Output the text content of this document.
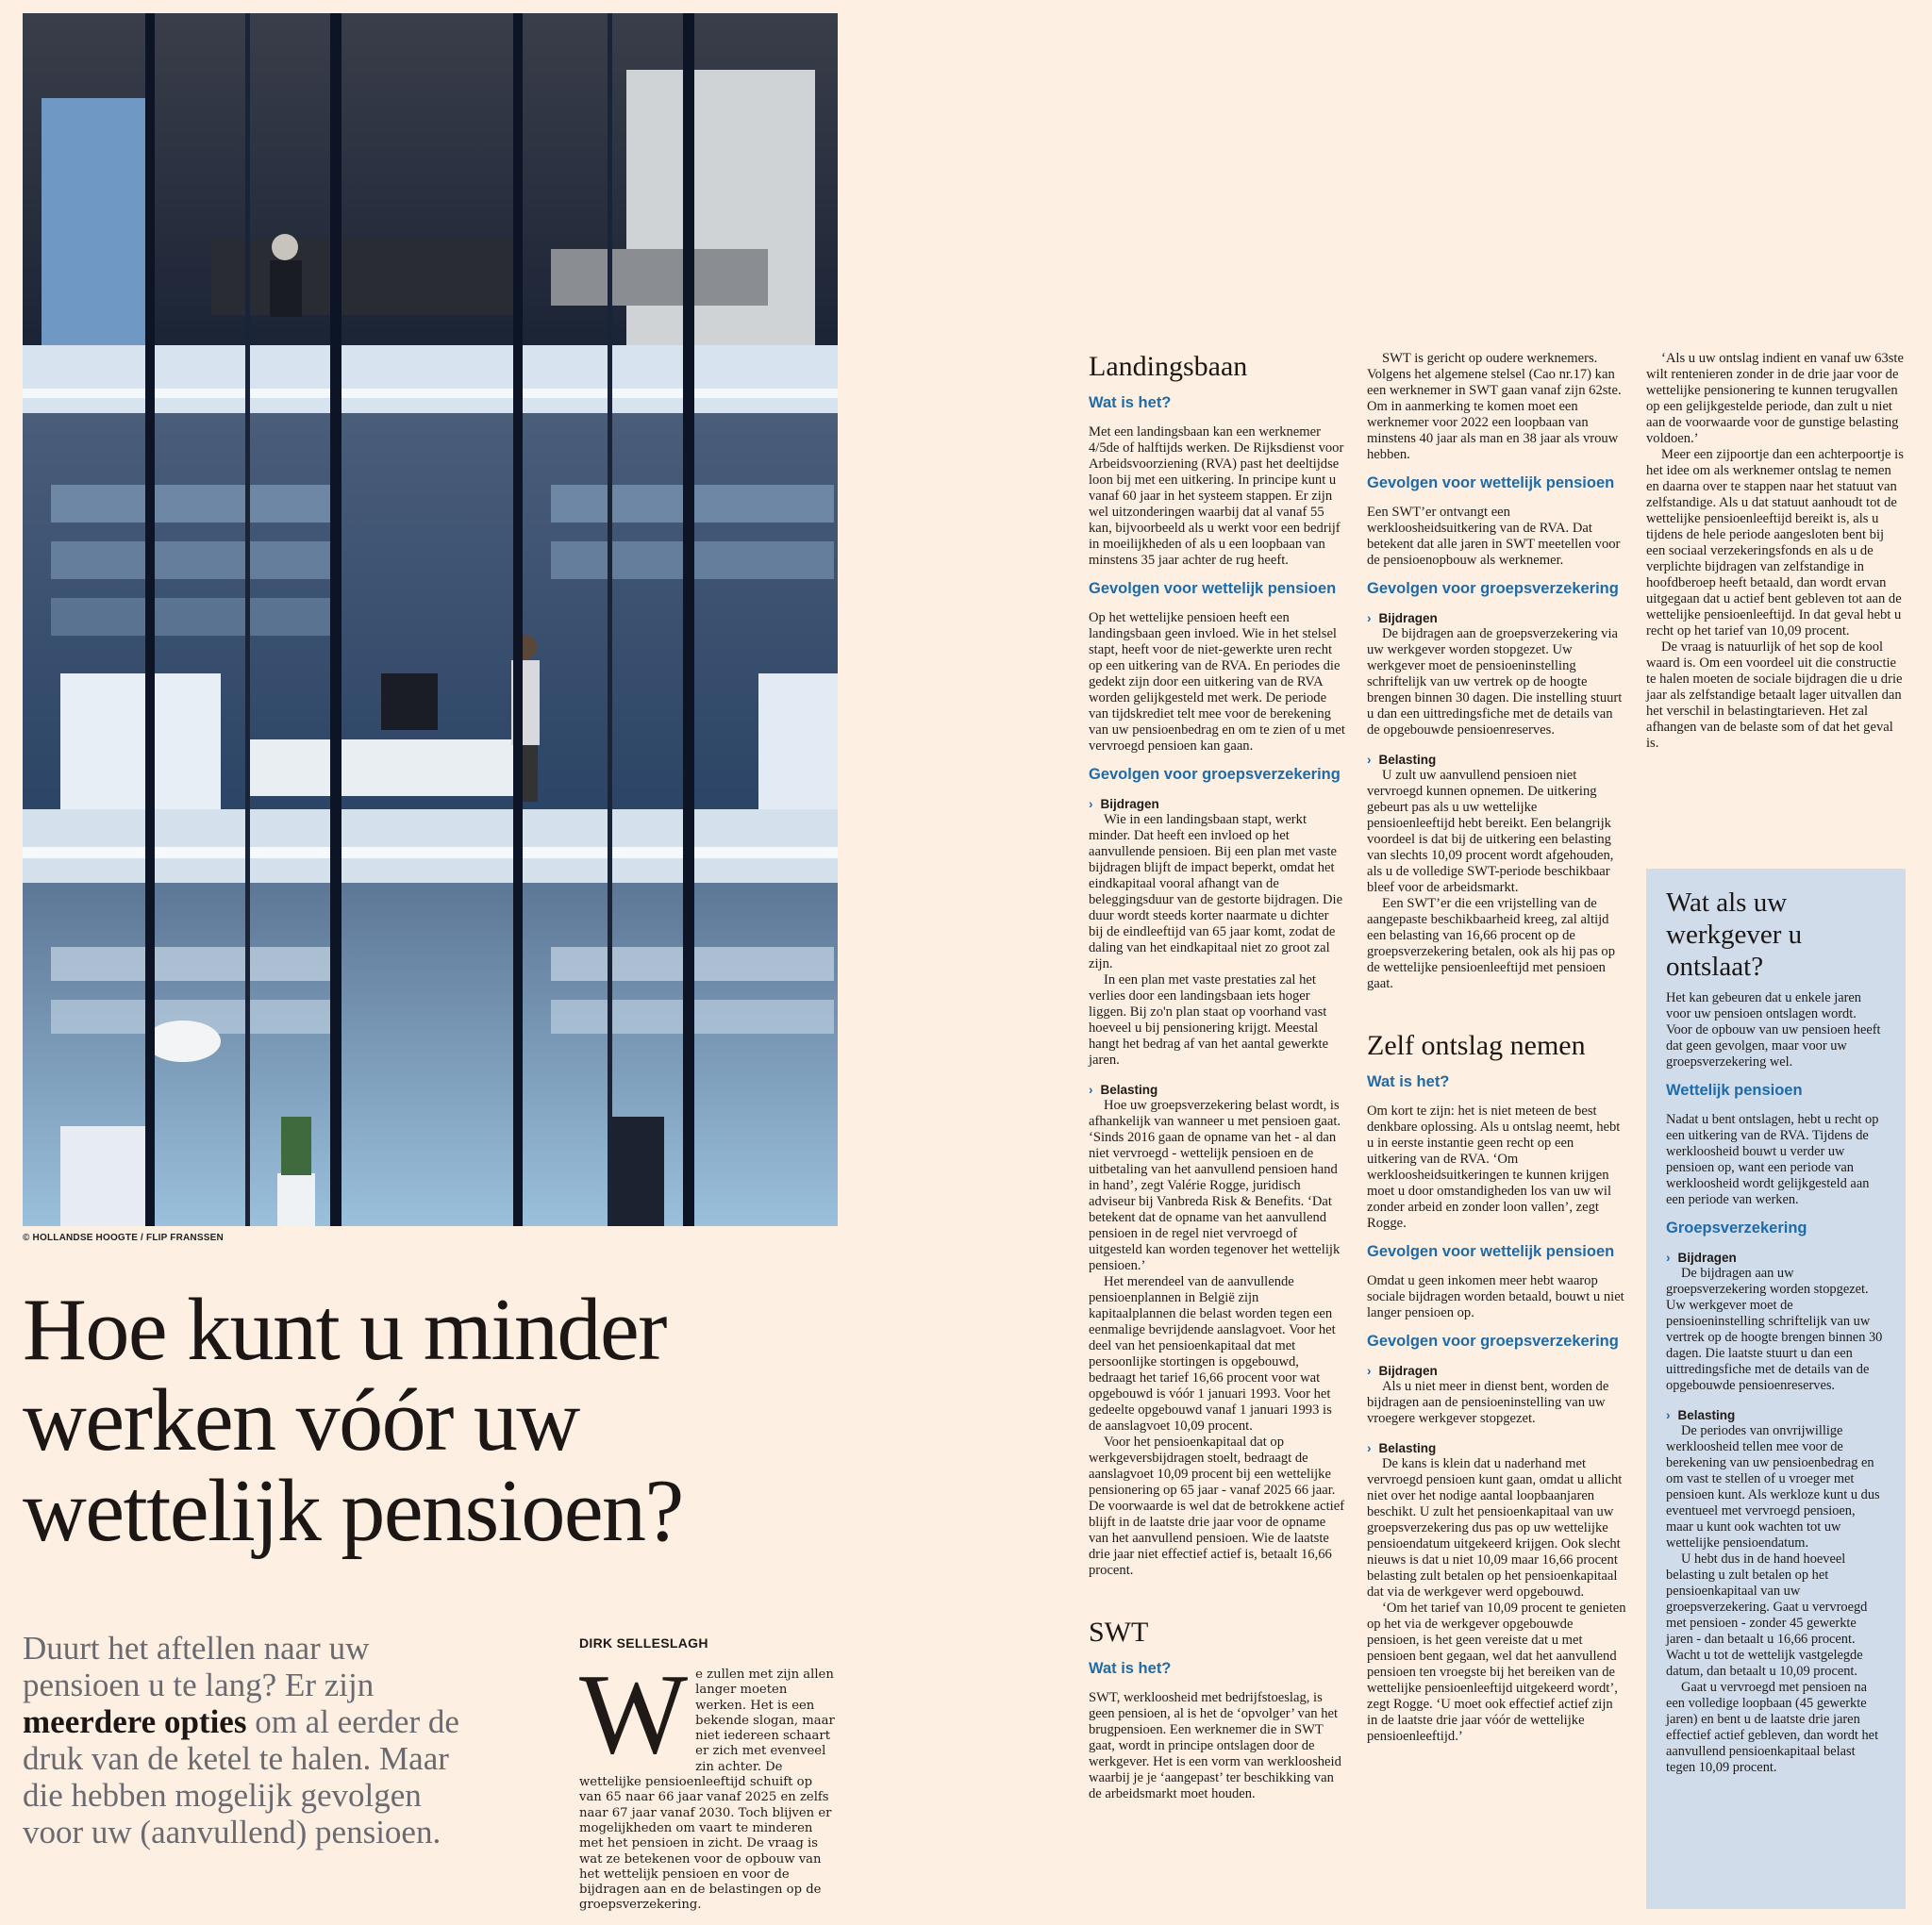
© HOLLANDSE HOOGTE / FLIP FRANSSEN
Hoe kunt u minder werken vóór uw wettelijk pensioen?
Duurt het aftellen naar uw pensioen u te lang? Er zijn meerdere opties om al eerder de druk van de ketel te halen. Maar die hebben mogelijk gevolgen voor uw (aanvullend) pensioen.
DIRK SELLESLAGH
We zullen met zijn allen langer moeten werken. Het is een bekende slogan, maar niet iedereen schaart er zich met evenveel zin achter. De wettelijke pensioenleeftijd schuift op van 65 naar 66 jaar vanaf 2025 en zelfs naar 67 jaar vanaf 2030. Toch blijven er mogelijkheden om vaart te minderen met het pensioen in zicht. De vraag is wat ze betekenen voor de opbouw van het wettelijk pensioen en voor de bijdragen aan en de belastingen op de groepsverzekering.
Landingsbaan
Wat is het?

Met een landingsbaan kan een werknemer 4/5de of halftijds werken. De Rijksdienst voor Arbeidsvoorziening (RVA) past het deeltijdse loon bij met een uitkering. In principe kunt u vanaf 60 jaar in het systeem stappen. Er zijn wel uitzonderingen waarbij dat al vanaf 55 kan, bijvoorbeeld als u werkt voor een bedrijf in moeilijkheden of als u een loopbaan van minstens 35 jaar achter de rug heeft.

Gevolgen voor wettelijk pensioen

Op het wettelijke pensioen heeft een landingsbaan geen invloed. Wie in het stelsel stapt, heeft voor de niet-gewerkte uren recht op een uitkering van de RVA. En periodes die gedekt zijn door een uitkering van de RVA worden gelijkgesteld met werk. De periode van tijdskrediet telt mee voor de berekening van uw pensioenbedrag en om te zien of u met vervroegd pensioen kan gaan.

Gevolgen voor groepsverzekering
› Bijdragen

Wie in een landingsbaan stapt, werkt minder. Dat heeft een invloed op het aanvullende pensioen. Bij een plan met vaste bijdragen blijft de impact beperkt, omdat het eindkapitaal vooral afhangt van de beleggingsduur van de gestorte bijdragen. Die duur wordt steeds korter naarmate u dichter bij de eindleeftijd van 65 jaar komt, zodat de daling van het eindkapitaal niet zo groot zal zijn.

In een plan met vaste prestaties zal het verlies door een landingsbaan iets hoger liggen. Bij zo'n plan staat op voorhand vast hoeveel u bij pensionering krijgt. Meestal hangt het bedrag af van het aantal gewerkte jaren.

› Belasting

Hoe uw groepsverzekering belast wordt, is afhankelijk van wanneer u met pensioen gaat. ‘Sinds 2016 gaan de opname van het - al dan niet vervroegd - wettelijk pensioen en de uitbetaling van het aanvullend pensioen hand in hand’, zegt Valérie Rogge, juridisch adviseur bij Vanbreda Risk & Benefits. ‘Dat betekent dat de opname van het aanvullend pensioen in de regel niet vervroegd of uitgesteld kan worden tegenover het wettelijk pensioen.’

Het merendeel van de aanvullende pensioenplannen in België zijn kapitaalplannen die belast worden tegen een eenmalige bevrijdende aanslagvoet. Voor het deel van het pensioenkapitaal dat met persoonlijke stortingen is opgebouwd, bedraagt het tarief 16,66 procent voor wat opgebouwd is vóór 1 januari 1993. Voor het gedeelte opgebouwd vanaf 1 januari 1993 is de aanslagvoet 10,09 procent.

Voor het pensioenkapitaal dat op werkgeversbijdragen stoelt, bedraagt de aanslagvoet 10,09 procent bij een wettelijke pensionering op 65 jaar - vanaf 2025 66 jaar. De voorwaarde is wel dat de betrokkene actief blijft in de laatste drie jaar voor de opname van het aanvullend pensioen. Wie de laatste drie jaar niet effectief actief is, betaalt 16,66 procent.

SWT
Wat is het?

SWT, werkloosheid met bedrijfstoeslag, is geen pensioen, al is het de ‘opvolger’ van het brugpensioen. Een werknemer die in SWT gaat, wordt in principe ontslagen door de werkgever. Het is een vorm van werkloosheid waarbij je je ‘aangepast’ ter beschikking van de arbeidsmarkt moet houden.

SWT is gericht op oudere werknemers. Volgens het algemene stelsel (Cao nr.17) kan een werknemer in SWT gaan vanaf zijn 62ste. Om in aanmerking te komen moet een werknemer voor 2022 een loopbaan van minstens 40 jaar als man en 38 jaar als vrouw hebben.

Gevolgen voor wettelijk pensioen

Een SWT’er ontvangt een werkloosheidsuitkering van de RVA. Dat betekent dat alle jaren in SWT meetellen voor de pensioenopbouw als werknemer.

Gevolgen voor groepsverzekering
› Bijdragen

De bijdragen aan de groepsverzekering via uw werkgever worden stopgezet. Uw werkgever moet de pensioeninstelling schriftelijk van uw vertrek op de hoogte brengen binnen 30 dagen. Die instelling stuurt u dan een uittredingsfiche met de details van de opgebouwde pensioenreserves.

› Belasting

U zult uw aanvullend pensioen niet vervroegd kunnen opnemen. De uitkering gebeurt pas als u uw wettelijke pensioenleeftijd hebt bereikt. Een belangrijk voordeel is dat bij de uitkering een belasting van slechts 10,09 procent wordt afgehouden, als u de volledige SWT-periode beschikbaar bleef voor de arbeidsmarkt.

Een SWT’er die een vrijstelling van de aangepaste beschikbaarheid kreeg, zal altijd een belasting van 16,66 procent op de groepsverzekering betalen, ook als hij pas op de wettelijke pensioenleeftijd met pensioen gaat.

Zelf ontslag nemen
Wat is het?

Om kort te zijn: het is niet meteen de best denkbare oplossing. Als u ontslag neemt, hebt u in eerste instantie geen recht op een uitkering van de RVA. ‘Om werkloosheidsuitkeringen te kunnen krijgen moet u door omstandigheden los van uw wil zonder arbeid en zonder loon vallen’, zegt Rogge.

Gevolgen voor wettelijk pensioen

Omdat u geen inkomen meer hebt waarop sociale bijdragen worden betaald, bouwt u niet langer pensioen op.

Gevolgen voor groepsverzekering
› Bijdragen

Als u niet meer in dienst bent, worden de bijdragen aan de pensioeninstelling van uw vroegere werkgever stopgezet.

› Belasting

De kans is klein dat u naderhand met vervroegd pensioen kunt gaan, omdat u allicht niet over het nodige aantal loopbaanjaren beschikt. U zult het pensioenkapitaal van uw groepsverzekering dus pas op uw wettelijke pensioendatum uitgekeerd krijgen. Ook slecht nieuws is dat u niet 10,09 maar 16,66 procent belasting zult betalen op het pensioenkapitaal dat via de werkgever werd opgebouwd.

‘Om het tarief van 10,09 procent te genieten op het via de werkgever opgebouwde pensioen, is het geen vereiste dat u met pensioen bent gegaan, wel dat het aanvullend pensioen ten vroegste bij het bereiken van de wettelijke pensioenleeftijd uitgekeerd wordt’, zegt Rogge. ‘U moet ook effectief actief zijn in de laatste drie jaar vóór de wettelijke pensioenleeftijd.’

‘Als u uw ontslag indient en vanaf uw 63ste wilt rentenieren zonder in de drie jaar voor de wettelijke pensionering te kunnen terugvallen op een gelijkgestelde periode, dan zult u niet aan de voorwaarde voor de gunstige belasting voldoen.’

Meer een zijpoortje dan een achterpoortje is het idee om als werknemer ontslag te nemen en daarna over te stappen naar het statuut van zelfstandige. Als u dat statuut aanhoudt tot de wettelijke pensioenleeftijd bereikt is, als u tijdens de hele periode aangesloten bent bij een sociaal verzekeringsfonds en als u de verplichte bijdragen van zelfstandige in hoofdberoep heeft betaald, dan wordt ervan uitgegaan dat u actief bent gebleven tot aan de wettelijke pensioenleeftijd. In dat geval hebt u recht op het tarief van 10,09 procent.

De vraag is natuurlijk of het sop de kool waard is. Om een voordeel uit die constructie te halen moeten de sociale bijdragen die u drie jaar als zelfstandige betaalt lager uitvallen dan het verschil in belastingtarieven. Het zal afhangen van de belaste som of dat het geval is.

Wat als uw werkgever u ontslaat?

Het kan gebeuren dat u enkele jaren voor uw pensioen ontslagen wordt. Voor de opbouw van uw pensioen heeft dat geen gevolgen, maar voor uw groepsverzekering wel.

Wettelijk pensioen

Nadat u bent ontslagen, hebt u recht op een uitkering van de RVA. Tijdens de werkloosheid bouwt u verder uw pensioen op, want een periode van werkloosheid wordt gelijkgesteld aan een periode van werken.

Groepsverzekering
› Bijdragen

De bijdragen aan uw groepsverzekering worden stopgezet. Uw werkgever moet de pensioeninstelling schriftelijk van uw vertrek op de hoogte brengen binnen 30 dagen. Die laatste stuurt u dan een uittredingsfiche met de details van de opgebouwde pensioenreserves.

› Belasting

De periodes van onvrijwillige werkloosheid tellen mee voor de berekening van uw pensioenbedrag en om vast te stellen of u vroeger met pensioen kunt. Als werkloze kunt u dus eventueel met vervroegd pensioen, maar u kunt ook wachten tot uw wettelijke pensioendatum.

U hebt dus in de hand hoeveel belasting u zult betalen op het pensioenkapitaal van uw groepsverzekering. Gaat u vervroegd met pensioen - zonder 45 gewerkte jaren - dan betaalt u 16,66 procent. Wacht u tot de wettelijk vastgelegde datum, dan betaalt u 10,09 procent.

Gaat u vervroegd met pensioen na een volledige loopbaan (45 gewerkte jaren) en bent u de laatste drie jaren effectief actief gebleven, dan wordt het aanvullend pensioenkapitaal belast tegen 10,09 procent.
